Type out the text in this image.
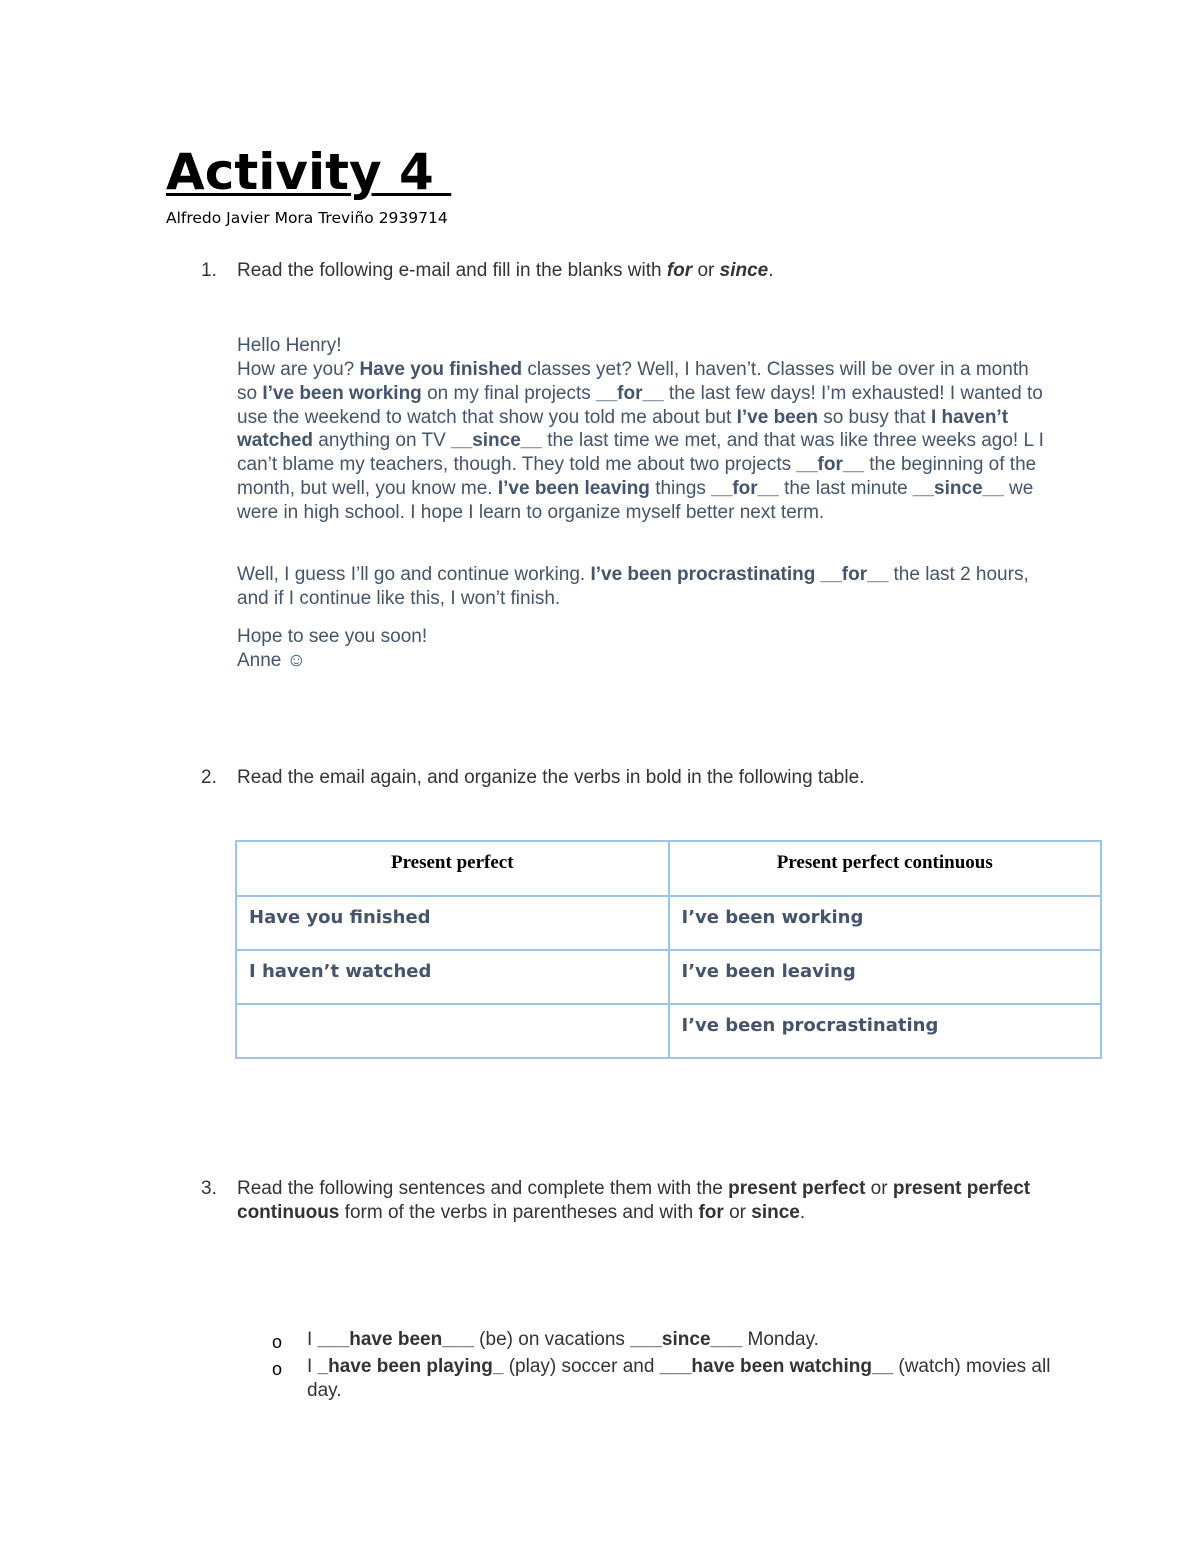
Activity 4
Alfredo Javier Mora Treviño 2939714
1. Read the following e-mail and fill in the blanks with for or since.
Hello Henry!
How are you? Have you finished classes yet? Well, I haven’t. Classes will be over in a month so I’ve been working on my final projects __for__ the last few days! I’m exhausted! I wanted to use the weekend to watch that show you told me about but I’ve been so busy that I haven’t watched anything on TV __since__ the last time we met, and that was like three weeks ago! L I can’t blame my teachers, though. They told me about two projects __for__ the beginning of the month, but well, you know me. I’ve been leaving things __for__ the last minute __since__ we were in high school. I hope I learn to organize myself better next term.
Well, I guess I’ll go and continue working. I’ve been procrastinating __for__ the last 2 hours, and if I continue like this, I won’t finish.
Hope to see you soon!
Anne ☺
2. Read the email again, and organize the verbs in bold in the following table.
Present perfect	Present perfect continuous
Have you finished	I’ve been working
I haven’t watched	I’ve been leaving
	I’ve been procrastinating
3. Read the following sentences and complete them with the present perfect or present perfect continuous form of the verbs in parentheses and with for or since.
o I ___have been___ (be) on vacations ___since___ Monday.
o I _have been playing_ (play) soccer and ___have been watching__ (watch) movies all day.
